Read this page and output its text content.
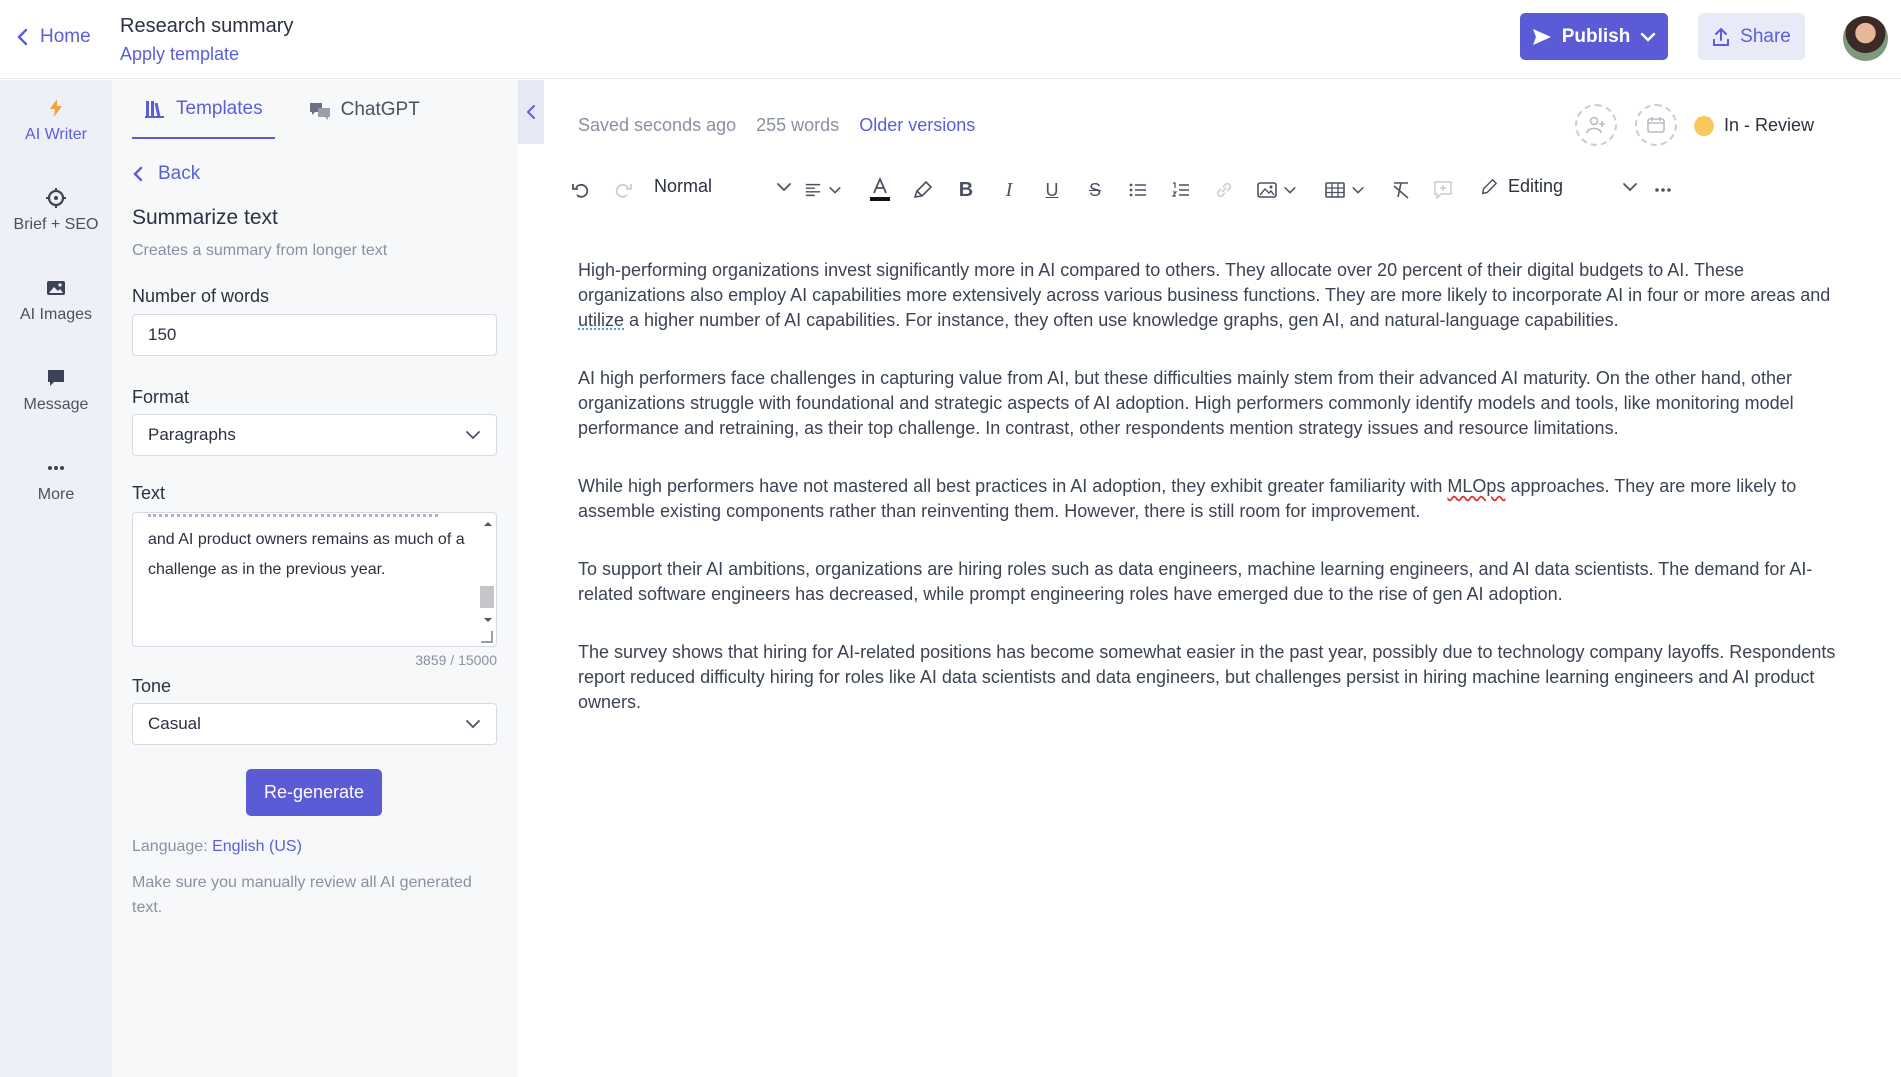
Home Research summary
Apply template
Publish	Share
AI Writer
Brief + SEO
AI Images
Message
More
Templates	ChatGPT
Back
Summarize text
Creates a summary from longer text
Number of words
150
Format
Paragraphs
Text
and AI product owners remains as much of a challenge as in the previous year.
3859 / 15000
Tone
Casual
Re-generate
Language: English (US)
Make sure you manually review all AI generated text.
Saved seconds ago 255 words Older versions	In - Review
Normal	B I U S	Editing

High-performing organizations invest significantly more in AI compared to others. They allocate over 20 percent of their digital budgets to AI. These organizations also employ AI capabilities more extensively across various business functions. They are more likely to incorporate AI in four or more areas and utilize a higher number of AI capabilities. For instance, they often use knowledge graphs, gen AI, and natural-language capabilities.

AI high performers face challenges in capturing value from AI, but these difficulties mainly stem from their advanced AI maturity. On the other hand, other organizations struggle with foundational and strategic aspects of AI adoption. High performers commonly identify models and tools, like monitoring model performance and retraining, as their top challenge. In contrast, other respondents mention strategy issues and resource limitations.

While high performers have not mastered all best practices in AI adoption, they exhibit greater familiarity with MLOps approaches. They are more likely to assemble existing components rather than reinventing them. However, there is still room for improvement.

To support their AI ambitions, organizations are hiring roles such as data engineers, machine learning engineers, and AI data scientists. The demand for AI-related software engineers has decreased, while prompt engineering roles have emerged due to the rise of gen AI adoption.

The survey shows that hiring for AI-related positions has become somewhat easier in the past year, possibly due to technology company layoffs. Respondents report reduced difficulty hiring for roles like AI data scientists and data engineers, but challenges persist in hiring machine learning engineers and AI product owners.
